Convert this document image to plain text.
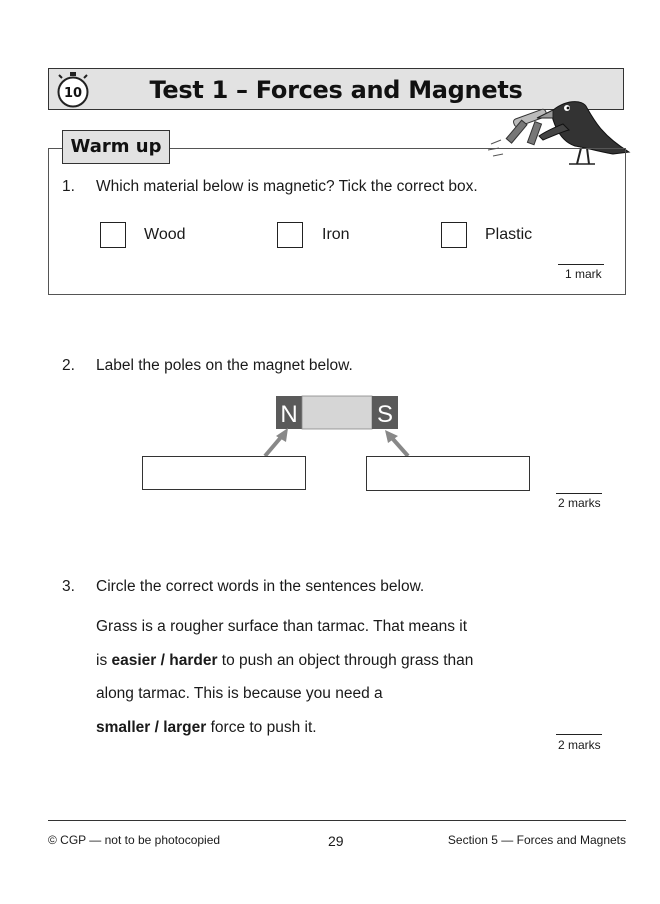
10	Test 1 – Forces and Magnets
Warm up
1. Which material below is magnetic? Tick the correct box.
Wood	Iron	Plastic
1 mark
2. Label the poles on the magnet below.
N	S
2 marks
3. Circle the correct words in the sentences below.
Grass is a rougher surface than tarmac. That means it
is easier / harder to push an object through grass than
along tarmac. This is because you need a
smaller / larger force to push it.
2 marks
© CGP — not to be photocopied	29	Section 5 — Forces and Magnets
